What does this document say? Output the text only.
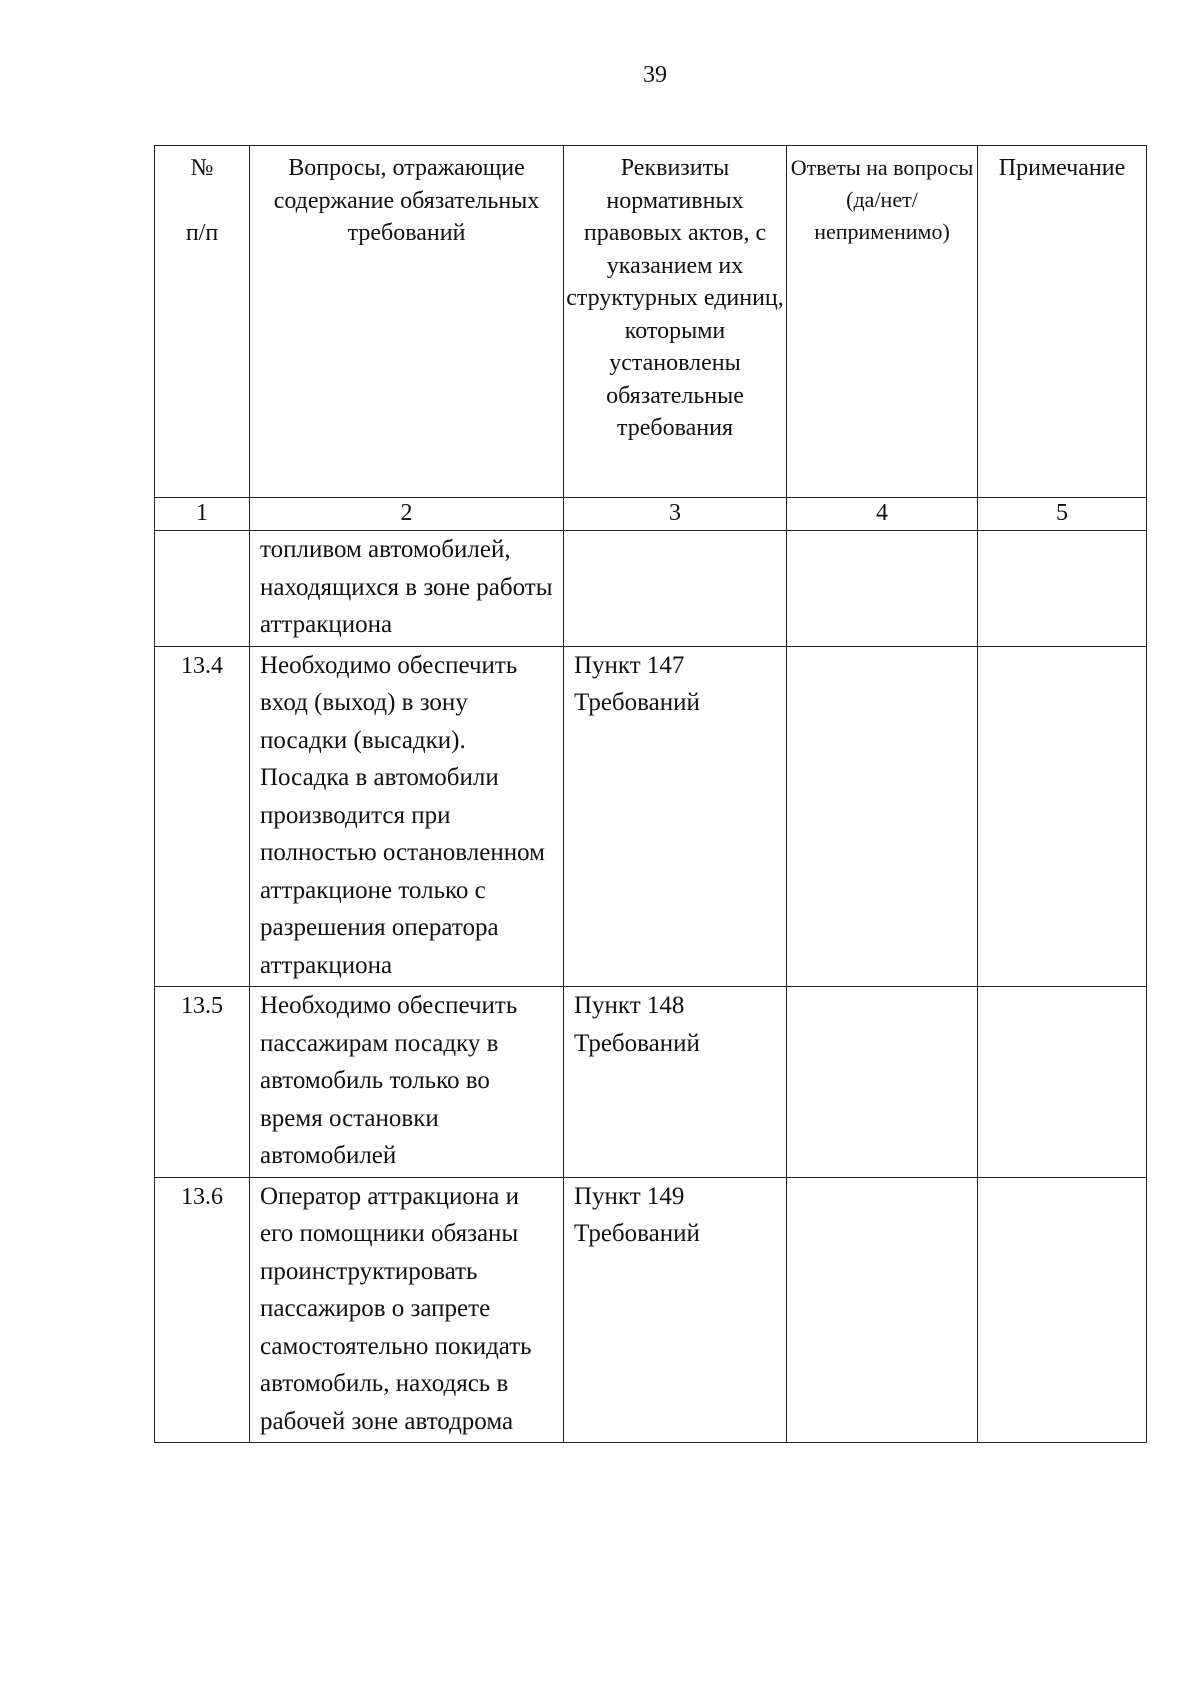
39
№

п/п	Вопросы, отражающие содержание обязательных требований	Реквизиты нормативных правовых актов, с указанием их структурных единиц, которыми установлены обязательные требования	Ответы на вопросы (да/нет/ неприменимо)	Примечание
1	2	3	4	5
	топливом автомобилей, находящихся в зоне работы аттракциона			
13.4	Необходимо обеспечить вход (выход) в зону посадки (высадки). Посадка в автомобили производится при полностью остановленном аттракционе только с разрешения оператора аттракциона	Пункт 147 Требований		
13.5	Необходимо обеспечить пассажирам посадку в автомобиль только во время остановки автомобилей	Пункт 148 Требований		
13.6	Оператор аттракциона и его помощники обязаны проинструктировать пассажиров о запрете самостоятельно покидать автомобиль, находясь в рабочей зоне автодрома	Пункт 149 Требований		
